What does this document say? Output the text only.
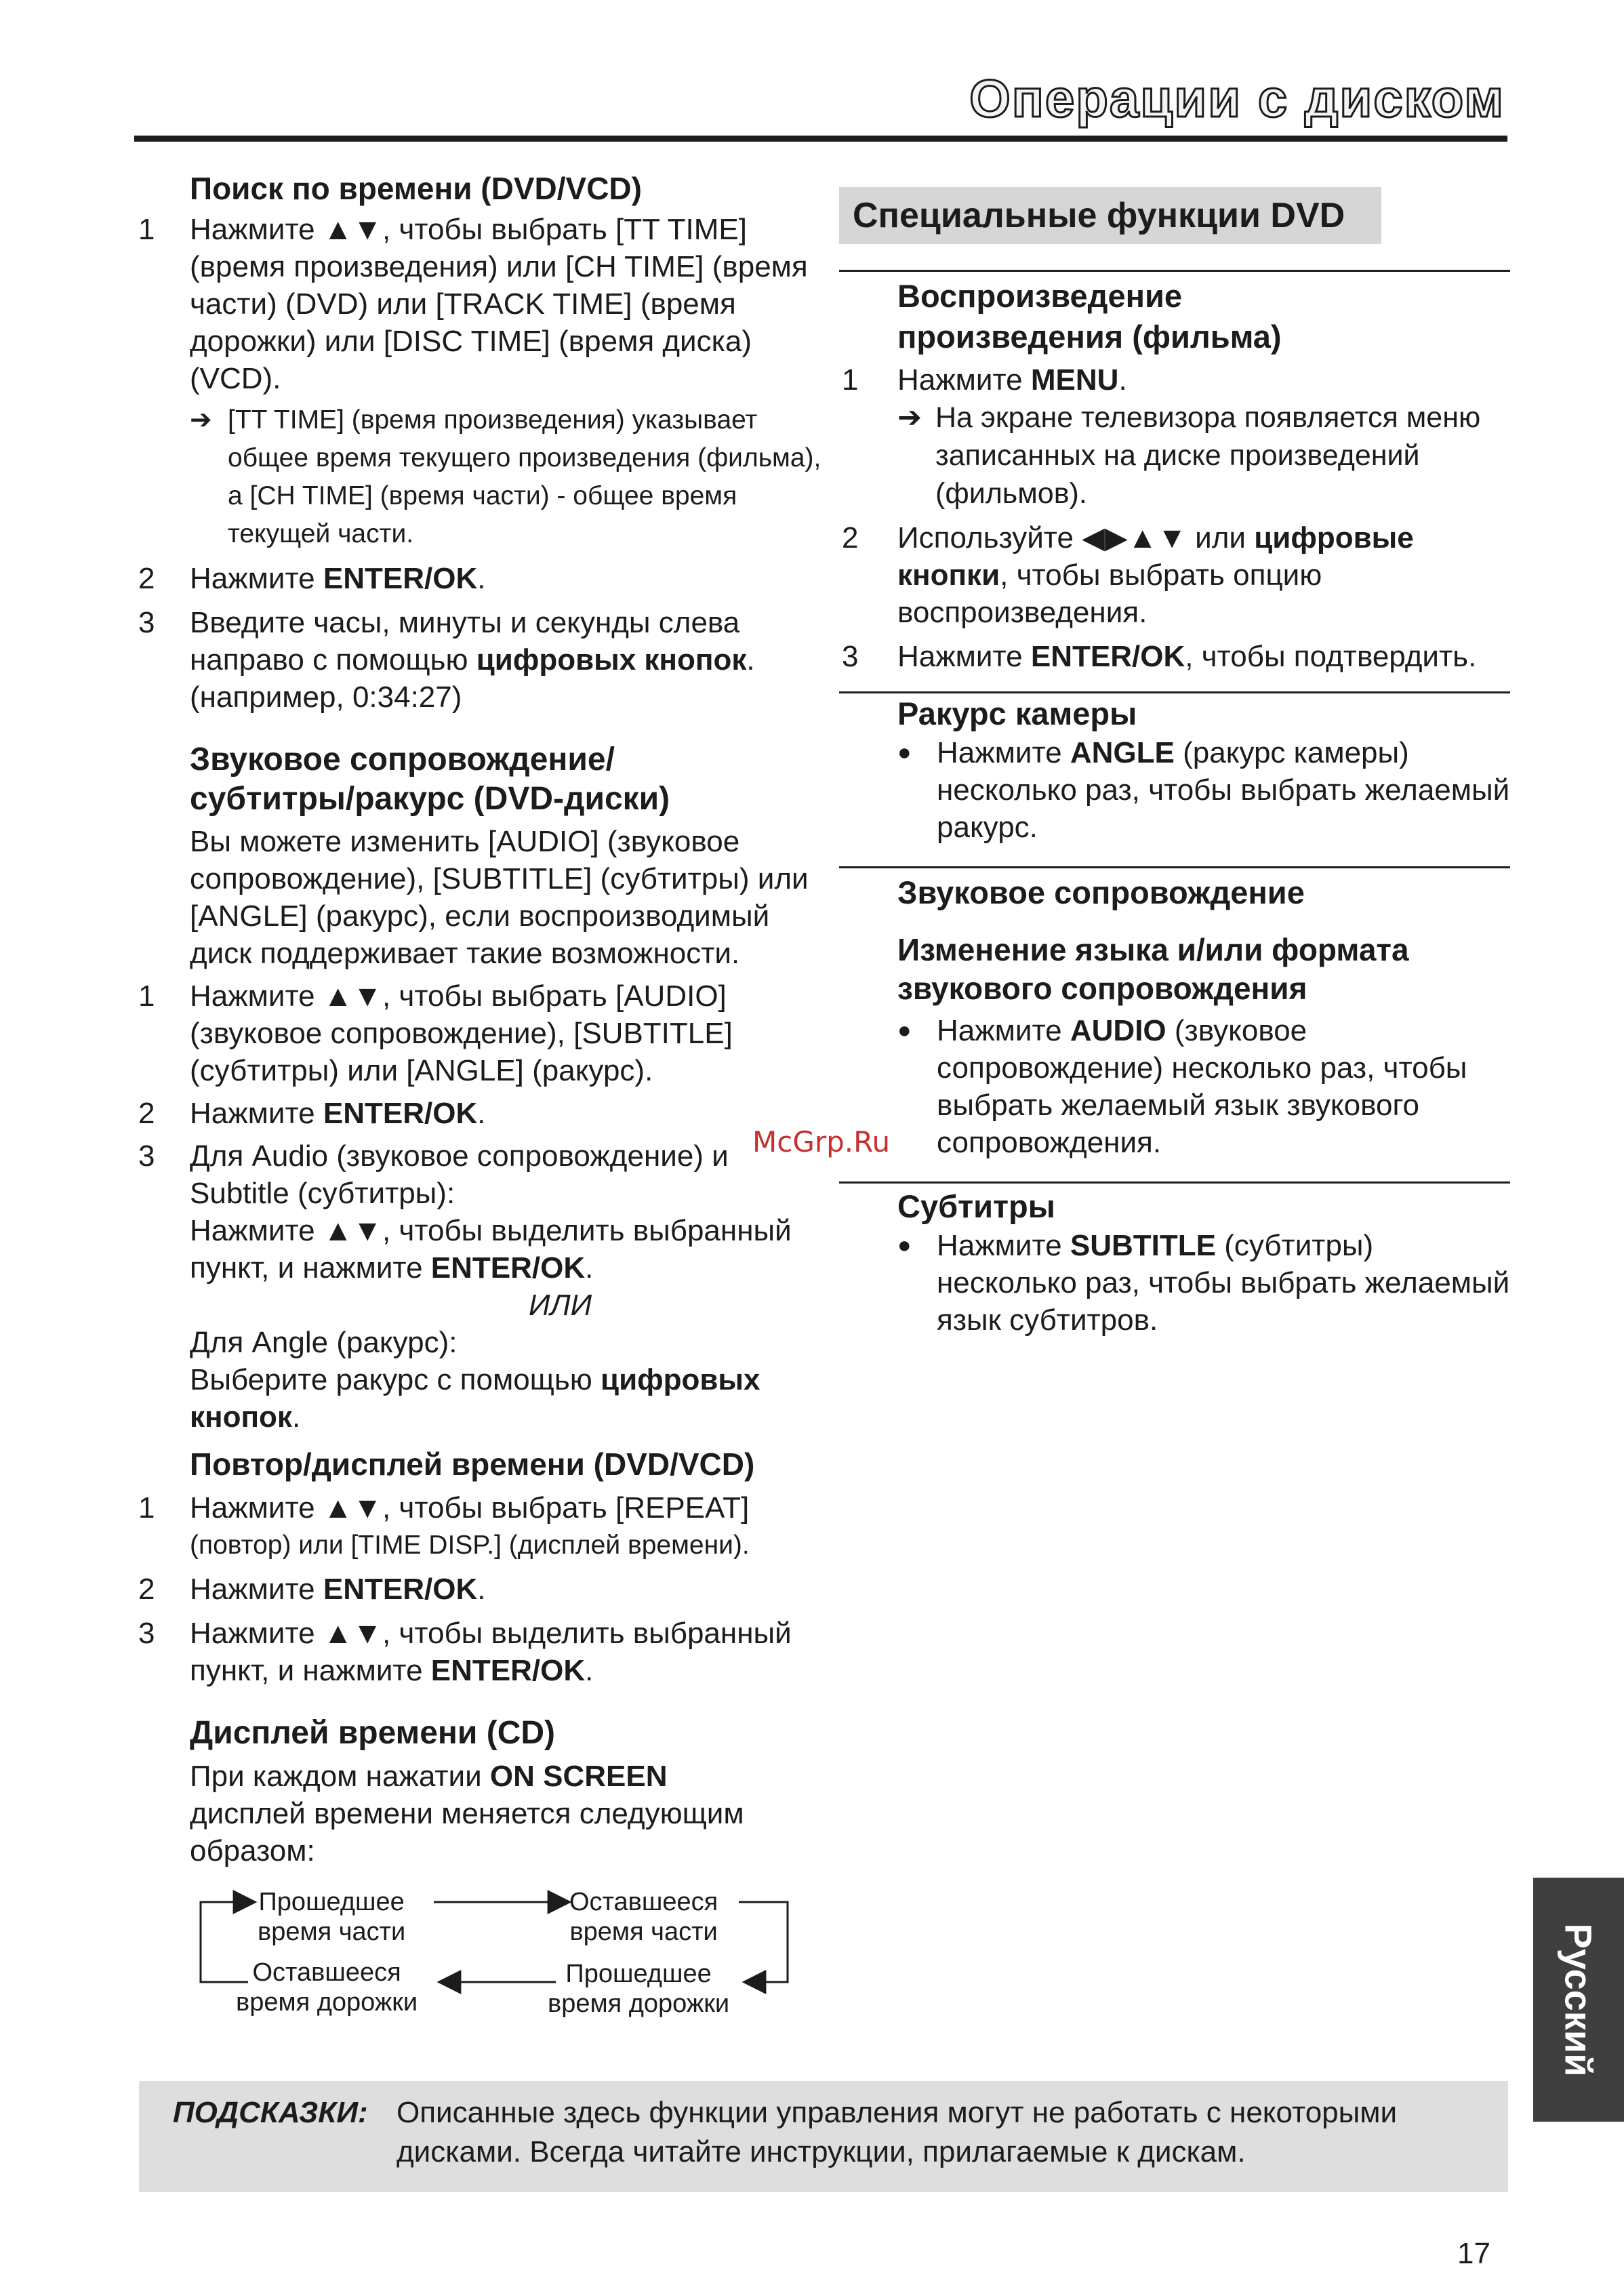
Операции с диском
Поиск по времени (DVD/VCD)
1 Нажмите ▲▼, чтобы выбрать [TT TIME] (время произведения) или [CH TIME] (время части) (DVD) или [TRACK TIME] (время дорожки) или [DISC TIME] (время диска) (VCD).
➔ [TT TIME] (время произведения) указывает общее время текущего произведения (фильма), а [CH TIME] (время части) - общее время текущей части.
2 Нажмите ENTER/OK.
3 Введите часы, минуты и секунды слева направо с помощью цифровых кнопок. (например, 0:34:27)
Звуковое сопровождение/ субтитры/ракурс (DVD-диски)
Вы можете изменить [AUDIO] (звуковое сопровождение), [SUBTITLE] (субтитры) или [ANGLE] (ракурс), если воспроизводимый диск поддерживает такие возможности.
1 Нажмите ▲▼, чтобы выбрать [AUDIO] (звуковое сопровождение), [SUBTITLE] (субтитры) или [ANGLE] (ракурс).
2 Нажмите ENTER/OK.
3 Для Audio (звуковое сопровождение) и Subtitle (субтитры):
Нажмите ▲▼, чтобы выделить выбранный пункт, и нажмите ENTER/OK.
ИЛИ
Для Angle (ракурс):
Выберите ракурс с помощью цифровых кнопок.
Повтор/дисплей времени (DVD/VCD)
1 Нажмите ▲▼, чтобы выбрать [REPEAT]
(повтор) или [TIME DISP.] (дисплей времени).
2 Нажмите ENTER/OK.
3 Нажмите ▲▼, чтобы выделить выбранный пункт, и нажмите ENTER/OK.
Дисплей времени (CD)
При каждом нажатии ON SCREEN дисплей времени меняется следующим образом:
Прошедшее
время части
Оставшееся
время части
Оставшееся
время дорожки
Прошедшее
время дорожки
Специальные функции DVD
Воспроизведение произведения (фильма)
1 Нажмите MENU.
➔ На экране телевизора появляется меню записанных на диске произведений (фильмов).
2 Используйте ◀▶▲▼ или цифровые кнопки, чтобы выбрать опцию воспроизведения.
3 Нажмите ENTER/OK, чтобы подтвердить.
Ракурс камеры
● Нажмите ANGLE (ракурс камеры) несколько раз, чтобы выбрать желаемый ракурс.
Звуковое сопровождение
Изменение языка и/или формата звукового сопровождения
● Нажмите AUDIO (звуковое сопровождение) несколько раз, чтобы выбрать желаемый язык звукового сопровождения.
Субтитры
● Нажмите SUBTITLE (субтитры) несколько раз, чтобы выбрать желаемый язык субтитров.
McGrp.Ru
ПОДСКАЗКИ: Описанные здесь функции управления могут не работать с некоторыми дисками. Всегда читайте инструкции, прилагаемые к дискам.
Русский
17
